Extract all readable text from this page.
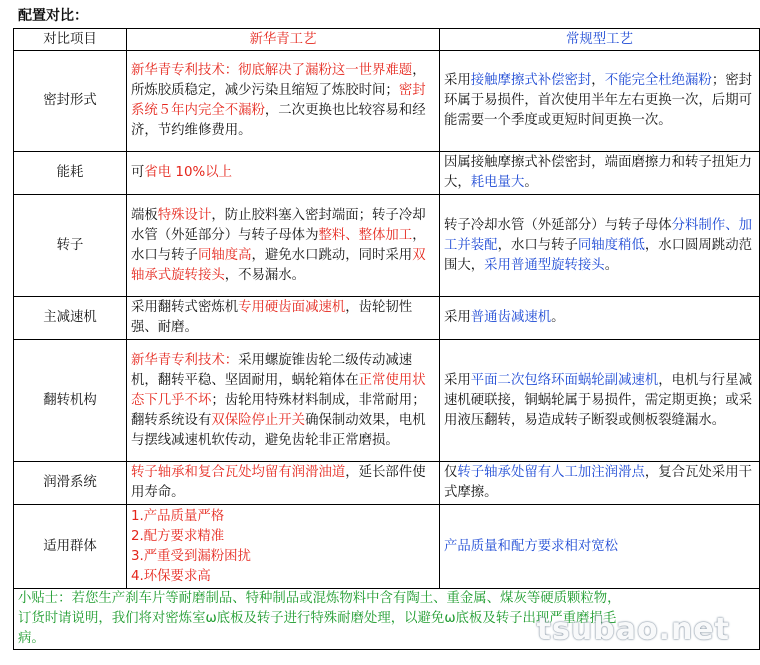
配置对比：
对比项目	新华青工艺	常规型工艺
密封形式	新华青专利技术：彻底解决了漏粉这一世界难题，所炼胶质稳定，减少污染且缩短了炼胶时间；密封系统５年内完全不漏粉，二次更换也比较容易和经济，节约维修费用。	采用接触摩擦式补偿密封，不能完全杜绝漏粉；密封环属于易损件，首次使用半年左右更换一次，后期可能需要一个季度或更短时间更换一次。
能耗	可省电 10%以上	因属接触摩擦式补偿密封，端面磨擦力和转子扭矩力大，耗电量大。
转子	端板特殊设计，防止胶料塞入密封端面；转子冷却水管（外延部分）与转子母体为整料、整体加工，水口与转子同轴度高，避免水口跳动，同时采用双轴承式旋转接头，不易漏水。	转子冷却水管（外延部分）与转子母体分料制作、加工并装配，水口与转子同轴度稍低，水口圆周跳动范围大，采用普通型旋转接头。
主减速机	采用翻转式密炼机专用硬齿面减速机，齿轮韧性强、耐磨。	采用普通齿减速机。
翻转机构	新华青专利技术：采用螺旋锥齿轮二级传动减速机，翻转平稳、坚固耐用，蜗轮箱体在正常使用状态下几乎不坏；齿轮用特殊材料制成，非常耐用；翻转系统设有双保险停止开关确保制动效果，电机与摆线减速机软传动，避免齿轮非正常磨损。	采用平面二次包络环面蜗轮副减速机，电机与行星减速机硬联接，铜蜗轮属于易损件，需定期更换；或采用液压翻转，易造成转子断裂或侧板裂缝漏水。
润滑系统	转子轴承和复合瓦处均留有润滑油道，延长部件使用寿命。	仅转子轴承处留有人工加注润滑点，复合瓦处采用干式摩擦。
适用群体	1.产品质量严格
2.配方要求精准
3.严重受到漏粉困扰
4.环保要求高	产品质量和配方要求相对宽松

小贴士：若您生产刹车片等耐磨制品、特种制品或混炼物料中含有陶土、重金属、煤灰等硬质颗粒物，
订货时请说明，我们将对密炼室ω底板及转子进行特殊耐磨处理，以避免ω底板及转子出现严重磨损毛
病。			tsubao.net
